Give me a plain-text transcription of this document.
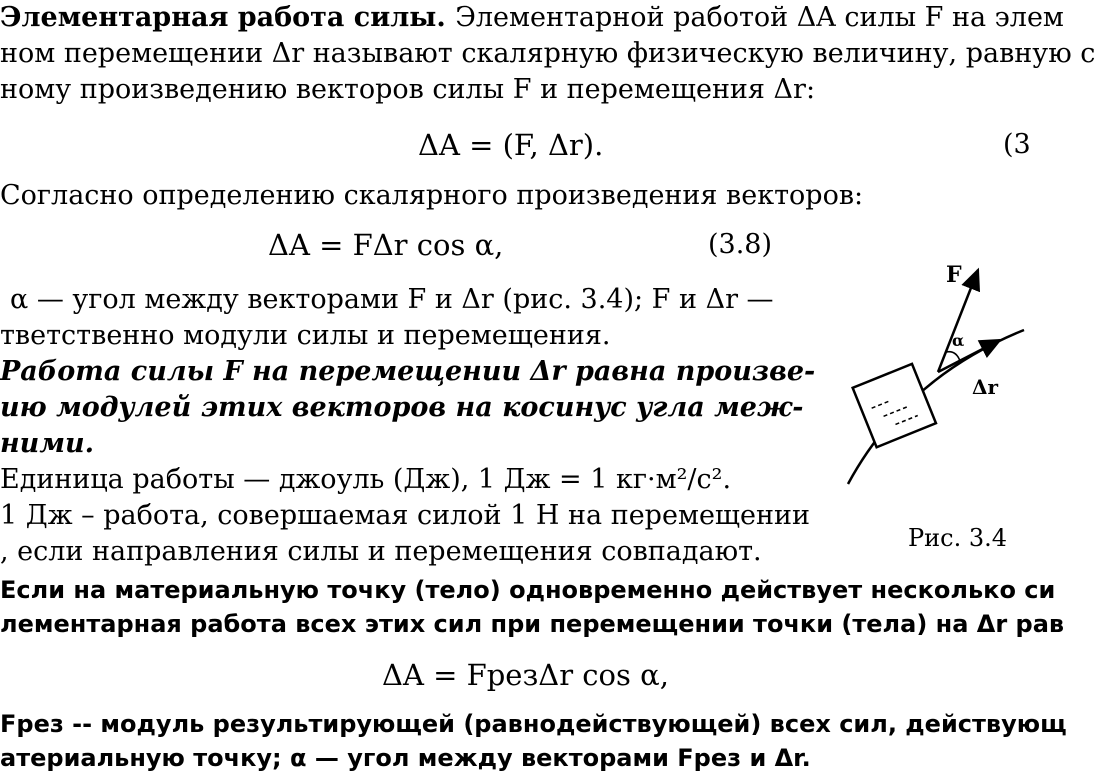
Элементарная работа силы. Элементарной работой ΔA силы F на элем
ном перемещении Δr называют скалярную физическую величину, равную с
ному произведению векторов силы F и перемещения Δr:
ΔA = (F, Δr).	(3
Согласно определению скалярного произведения векторов:
ΔA = FΔr cos α,	(3.8)
α — угол между векторами F и Δr (рис. 3.4); F и Δr —
тветственно модули силы и перемещения.
Работа силы F на перемещении Δr равна произве-
ию модулей этих векторов на косинус угла меж-
ними.
Единица работы — джоуль (Дж), 1 Дж = 1 кг·м²/с².
1 Дж – работа, совершаемая силой 1 Н на перемещении
, если направления силы и перемещения совпадают.
Если на материальную точку (тело) одновременно действует несколько си
лементарная работа всех этих сил при перемещении точки (тела) на Δr рав
ΔA = FрезΔr cos α,
Fрез -- модуль результирующей (равнодействующей) всех сил, действующ
атериальную точку; α — угол между векторами Fрез и Δr.
F
α
Δr
Рис. 3.4
